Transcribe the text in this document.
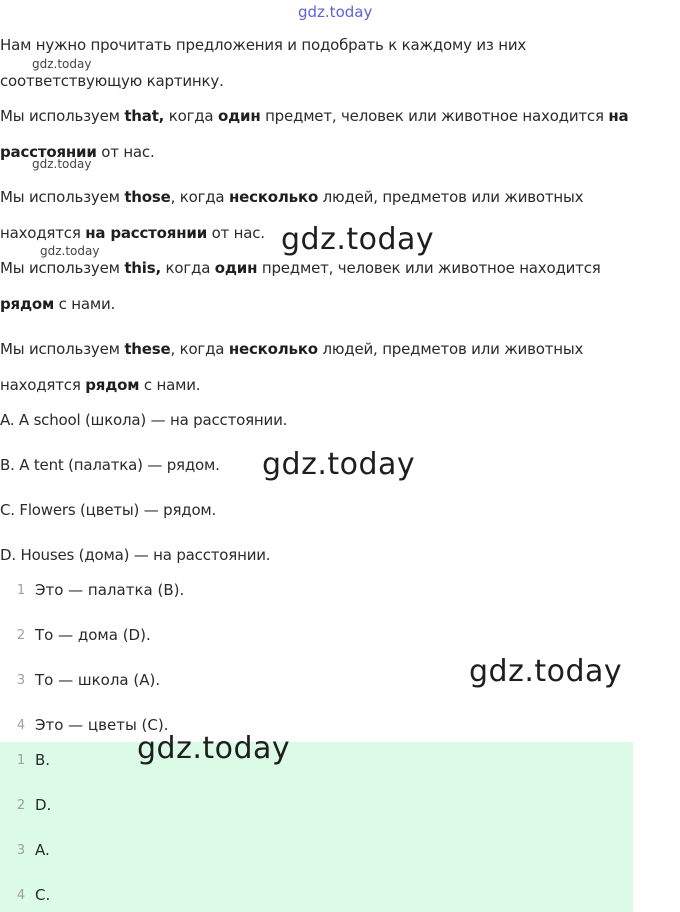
gdz.today
Нам нужно прочитать предложения и подобрать к каждому из них
gdz.today
соответствующую картинку.
Мы используем that, когда один предмет, человек или животное находится на
расстоянии от нас.
gdz.today
Мы используем those, когда несколько людей, предметов или животных
находятся на расстоянии от нас. gdz.today
gdz.today
Мы используем this, когда один предмет, человек или животное находится
рядом с нами.
Мы используем these, когда несколько людей, предметов или животных
находятся рядом с нами.
A. A school (школа) — на расстоянии.
B. A tent (палатка) — рядом. gdz.today
C. Flowers (цветы) — рядом.
D. Houses (дома) — на расстоянии.
1 Это — палатка (B).
2 То — дома (D).
3 То — школа (A).	gdz.today
4 Это — цветы (C).
gdz.today
1 B.
2 D.
3 A.
4 C.
